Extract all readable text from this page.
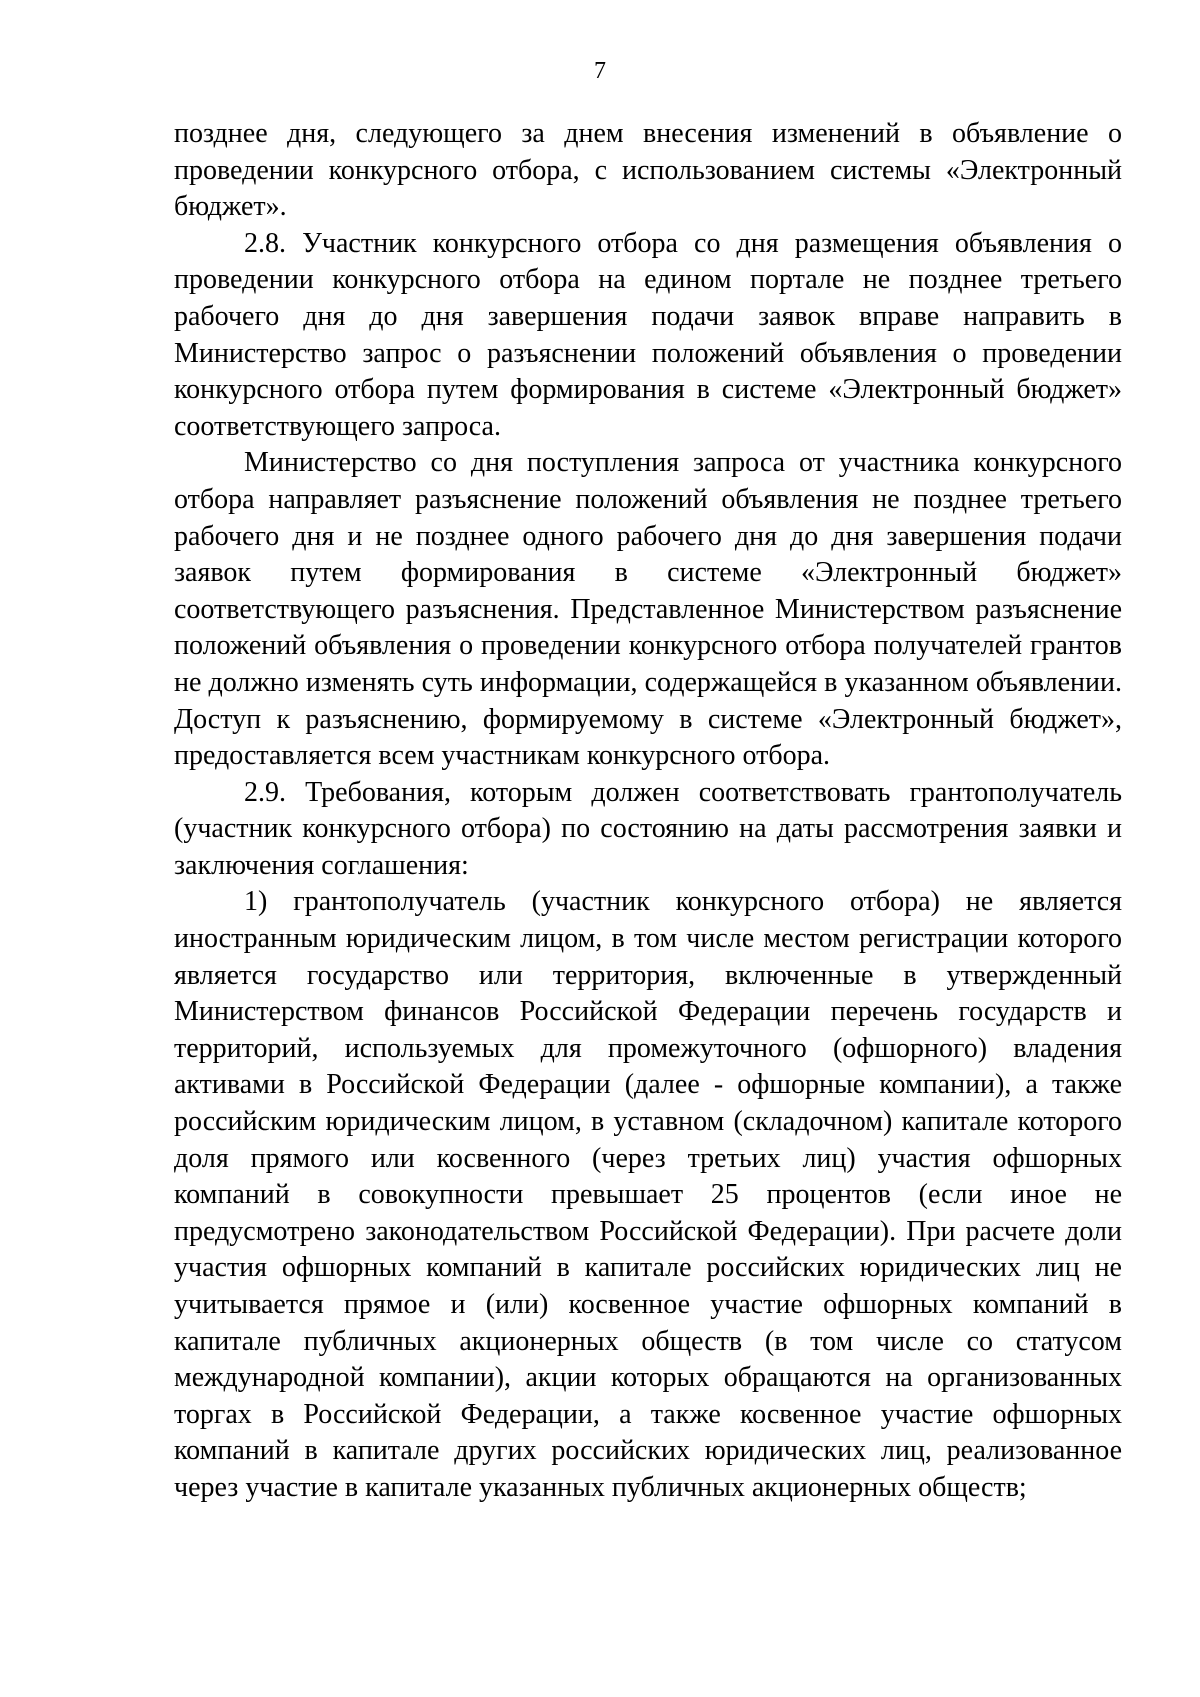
7

позднее дня, следующего за днем внесения изменений в объявление о проведении конкурсного отбора, с использованием системы «Электронный бюджет».

2.8. Участник конкурсного отбора со дня размещения объявления о проведении конкурсного отбора на едином портале не позднее третьего рабочего дня до дня завершения подачи заявок вправе направить в Министерство запрос о разъяснении положений объявления о проведении конкурсного отбора путем формирования в системе «Электронный бюджет» соответствующего запроса.

Министерство со дня поступления запроса от участника конкурсного отбора направляет разъяснение положений объявления не позднее третьего рабочего дня и не позднее одного рабочего дня до дня завершения подачи заявок путем формирования в системе «Электронный бюджет» соответствующего разъяснения. Представленное Министерством разъяснение положений объявления о проведении конкурсного отбора получателей грантов не должно изменять суть информации, содержащейся в указанном объявлении. Доступ к разъяснению, формируемому в системе «Электронный бюджет», предоставляется всем участникам конкурсного отбора.

2.9. Требования, которым должен соответствовать грантополучатель (участник конкурсного отбора) по состоянию на даты рассмотрения заявки и заключения соглашения:

1) грантополучатель (участник конкурсного отбора) не является иностранным юридическим лицом, в том числе местом регистрации которого является государство или территория, включенные в утвержденный Министерством финансов Российской Федерации перечень государств и территорий, используемых для промежуточного (офшорного) владения активами в Российской Федерации (далее - офшорные компании), а также российским юридическим лицом, в уставном (складочном) капитале которого доля прямого или косвенного (через третьих лиц) участия офшорных компаний в совокупности превышает 25 процентов (если иное не предусмотрено законодательством Российской Федерации). При расчете доли участия офшорных компаний в капитале российских юридических лиц не учитывается прямое и (или) косвенное участие офшорных компаний в капитале публичных акционерных обществ (в том числе со статусом международной компании), акции которых обращаются на организованных торгах в Российской Федерации, а также косвенное участие офшорных компаний в капитале других российских юридических лиц, реализованное через участие в капитале указанных публичных акционерных обществ;
